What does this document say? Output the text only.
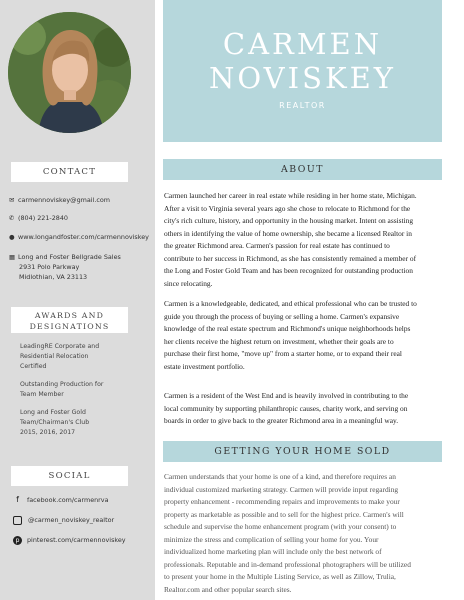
CONTACT
✉ carmennoviskey@gmail.com
✆ (804) 221-2840
● www.longandfoster.com/carmennoviskey
▦ Long and Foster Bellgrade Sales
2931 Polo Parkway
Midlothian, VA 23113
AWARDS AND
DESIGNATIONS
LeadingRE Corporate and
Residential Relocation
Certified
Outstanding Production for
Team Member
Long and Foster Gold
Team/Chairman's Club
2015, 2016, 2017
SOCIAL
f facebook.com/carmenrva
@carmen_noviskey_realtor
p pinterest.com/carmennoviskey
CARMEN
NOVISKEY
REALTOR
ABOUT
Carmen launched her career in real estate while residing in her home state, Michigan.
After a visit to Virginia several years ago she chose to relocate to Richmond for the
city's rich culture, history, and opportunity in the housing market. Intent on assisting
others in identifying the value of home ownership, she became a licensed Realtor in
the greater Richmond area. Carmen's passion for real estate has continued to
contribute to her success in Richmond, as she has consistently remained a member of
the Long and Foster Gold Team and has been recognized for outstanding production
since relocating.
Carmen is a knowledgeable, dedicated, and ethical professional who can be trusted to
guide you through the process of buying or selling a home. Carmen's expansive
knowledge of the real estate spectrum and Richmond's unique neighborhoods helps
her clients receive the highest return on investment, whether their goals are to
purchase their first home, "move up" from a starter home, or to expand their real
estate investment portfolio.
Carmen is a resident of the West End and is heavily involved in contributing to the
local community by supporting philanthropic causes, charity work, and serving on
boards in order to give back to the greater Richmond area in a meaningful way.
GETTING YOUR HOME SOLD
Carmen understands that your home is one of a kind, and therefore requires an
individual customized marketing strategy. Carmen will provide input regarding
property enhancement - recommending repairs and improvements to make your
property as marketable as possible and to sell for the highest price. Carmen's will
schedule and supervise the home enhancement program (with your consent) to
minimize the stress and complication of selling your home for you. Your
individualized home marketing plan will include only the best network of
professionals. Reputable and in-demand professional photographers will be utilized
to present your home in the Multiple Listing Service, as well as Zillow, Trulia,
Realtor.com and other popular search sites.
